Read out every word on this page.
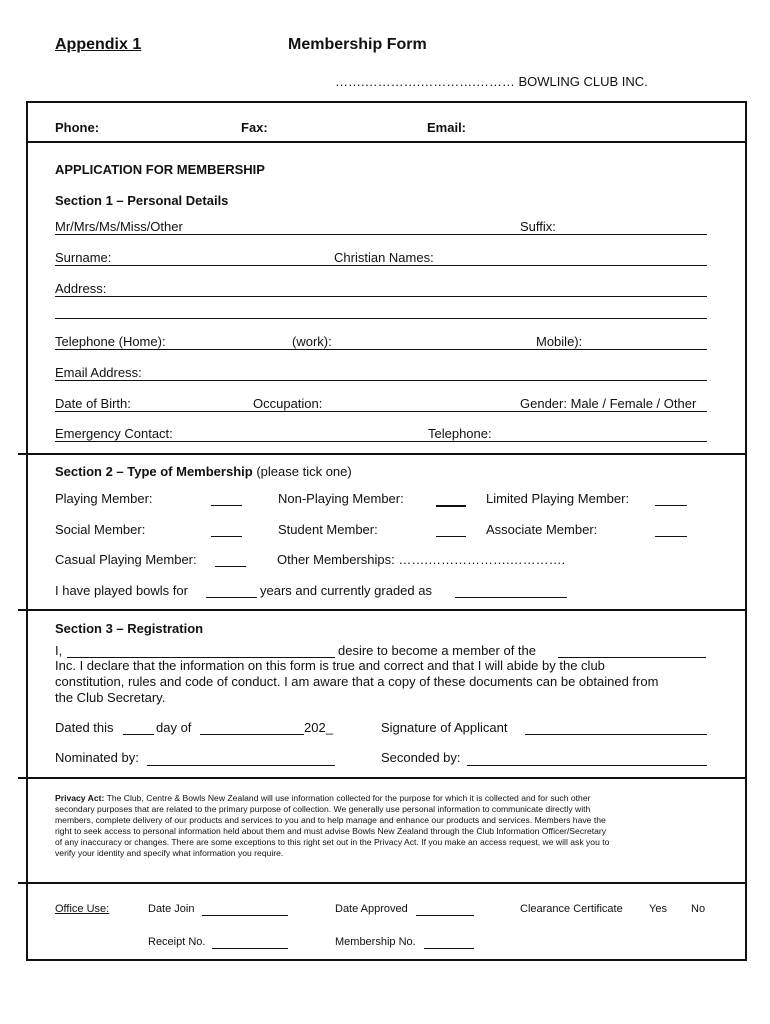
Appendix 1	Membership Form
…….………….………….……… BOWLING CLUB INC.
Phone:	Fax:	Email:
APPLICATION FOR MEMBERSHIP
Section 1 – Personal Details
Mr/Mrs/Ms/Miss/Other	Suffix:
Surname:	Christian Names:
Address:
Telephone (Home):	(work):	Mobile):
Email Address:
Date of Birth:	Occupation:	Gender: Male / Female / Other
Emergency Contact:	Telephone:
Section 2 – Type of Membership (please tick one)
Playing Member:	Non-Playing Member:	Limited Playing Member:
Social Member:	Student Member:	Associate Member:
Casual Playing Member:	Other Memberships: …….……………….………….
I have played bowls for	years and currently graded as
Section 3 – Registration
I,	desire to become a member of the
Inc. I declare that the information on this form is true and correct and that I will abide by the club
constitution, rules and code of conduct. I am aware that a copy of these documents can be obtained from
the Club Secretary.
Dated this	day of	202_	Signature of Applicant
Nominated by:	Seconded by:
Privacy Act: The Club, Centre & Bowls New Zealand will use information collected for the purpose for which it is collected and for such other
secondary purposes that are related to the primary purpose of collection. We generally use personal information to communicate directly with
members, complete delivery of our products and services to you and to help manage and enhance our products and services. Members have the
right to seek access to personal information held about them and must advise Bowls New Zealand through the Club Information Officer/Secretary
of any inaccuracy or changes. There are some exceptions to this right set out in the Privacy Act. If you make an access request, we will ask you to
verify your identity and specify what information you require.
Office Use:	Date Join	Date Approved	Clearance Certificate Yes No
Receipt No.	Membership No.
